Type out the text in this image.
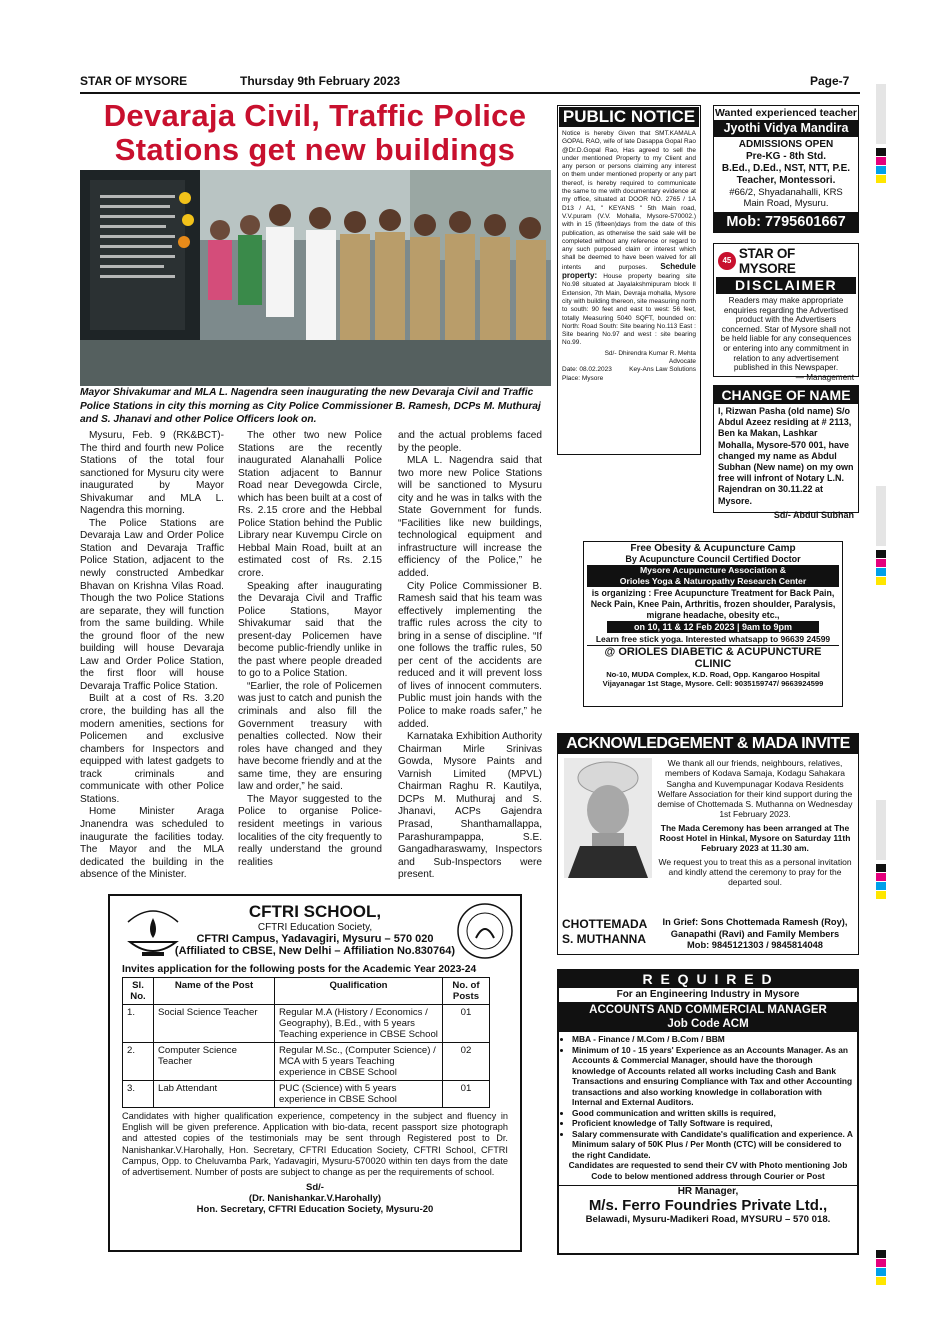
STAR OF MYSORE	Thursday 9th February 2023	Page-7
Devaraja Civil, Traffic Police
Stations get new buildings
Mayor Shivakumar and MLA L. Nagendra seen inaugurating the new Devaraja Civil and Traffic Police Stations in city this morning as City Police Commissioner B. Ramesh, DCPs M. Muthuraj and S. Jhanavi and other Police Officers look on.

Mysuru, Feb. 9 (RK&BCT)- The third and fourth new Police Stations of the total four sanctioned for Mysuru city were inaugurated by Mayor Shivakumar and MLA L. Nagendra this morning.

The Police Stations are Devaraja Law and Order Police Station and Devaraja Traffic Police Station, adjacent to the newly constructed Ambedkar Bhavan on Krishna Vilas Road. Though the two Police Stations are separate, they will function from the same building. While the ground floor of the new building will house Devaraja Law and Order Police Station, the first floor will house Devaraja Traffic Police Station.

Built at a cost of Rs. 3.20 crore, the building has all the modern amenities, sections for Policemen and exclusive chambers for Inspectors and equipped with latest gadgets to track criminals and communicate with other Police Stations.

Home Minister Araga Jnanendra was scheduled to inaugurate the facilities today. The Mayor and the MLA dedicated the building in the absence of the Minister.

The other two new Police Stations are the recently inaugurated Alanahalli Police Station adjacent to Bannur Road near Devegowda Circle, which has been built at a cost of Rs. 2.15 crore and the Hebbal Police Station behind the Public Library near Kuvempu Circle on Hebbal Main Road, built at an estimated cost of Rs. 2.15 crore.

Speaking after inaugurating the Devaraja Civil and Traffic Police Stations, Mayor Shivakumar said that the present-day Policemen have become public-friendly unlike in the past where people dreaded to go to a Police Station.

“Earlier, the role of Policemen was just to catch and punish the criminals and also fill the Government treasury with penalties collected. Now their roles have changed and they have become friendly and at the same time, they are ensuring law and order,” he said.

The Mayor suggested to the Police to organise Police-resident meetings in various localities of the city frequently to really understand the ground realities

and the actual problems faced by the people.

MLA L. Nagendra said that two more new Police Stations will be sanctioned to Mysuru city and he was in talks with the State Government for funds. “Facilities like new buildings, technological equipment and infrastructure will increase the efficiency of the Police,” he added.

City Police Commissioner B. Ramesh said that his team was effectively implementing the traffic rules across the city to bring in a sense of discipline. “If one follows the traffic rules, 50 per cent of the accidents are reduced and it will prevent loss of lives of innocent commuters. Public must join hands with the Police to make roads safer,” he added.

Karnataka Exhibition Authority Chairman Mirle Srinivas Gowda, Mysore Paints and Varnish Limited (MPVL) Chairman Raghu R. Kautilya, DCPs M. Muthuraj and S. Jhanavi, ACPs Gajendra Prasad, Shanthamallappa, Parashurampappa, S.E. Gangadharaswamy, Inspectors and Sub-Inspectors were present.

PUBLIC NOTICE
Notice is hereby Given that SMT.KAMALA GOPAL RAO, wife of late Dasappa Gopal Rao @Dr.D.Gopal Rao, Has agreed to sell the under mentioned Property to my Client and any person or persons claiming any interest on them under mentioned property or any part thereof, is hereby required to communicate the same to me with documentary evidence at my office, situated at DOOR NO. 2765 / 1A D13 / A1, " KEYANS " 5th Main road, V.V.puram (V.V. Mohalla, Mysore-570002.) with in 15 (fifteen)days from the date of this publication, as otherwise the said sale will be completed without any reference or regard to any such purposed claim or interest which shall be deemed to have been waived for all intents and purposes. Schedule property: House property bearing site No.98 situated at Jayalakshmipuram block II Extension, 7th Main, Devraja mohalla, Mysore city with building thereon, site measuring north to south: 90 feet and east to west: 56 feet, totally Measuring 5040 SQFT, bounded on: North: Road South: Site bearing No.113 East : Site bearing No.97 and west : site bearing No.99.
Sd/- Dhirendra Kumar R. Mehta
Advocate
Date: 08.02.2023	Key-Ans Law Solutions
Place: Mysore
Wanted experienced teacher
Jyothi Vidya Mandira
ADMISSIONS OPEN
Pre-KG - 8th Std.
B.Ed., D.Ed., NST, NTT, P.E. Teacher, Montessori.
#66/2, Shyadanahalli, KRS Main Road, Mysuru.
Mob: 7795601667
45 STAR OF MYSORE
DISCLAIMER
Readers may make appropriate enquiries regarding the Advertised product with the Advertisers concerned. Star of Mysore shall not be held liable for any consequences or entering into any commitment in relation to any advertisement published in this Newspaper.
— Management
CHANGE OF NAME
I, Rizwan Pasha (old name) S/o Abdul Azeez residing at # 2113, Ben ka Makan, Lashkar Mohalla, Mysore-570 001, have changed my name as Abdul Subhan (New name) on my own free will infront of Notary L.N. Rajendran on 30.11.22 at Mysore.
Sd/- Abdul Subhan
Free Obesity & Acupuncture Camp
By Acupuncture Council Certified Doctor
Mysore Acupuncture Association &
Orioles Yoga & Naturopathy Research Center
is organizing : Free Acupuncture Treatment for Back Pain, Neck Pain, Knee Pain, Arthritis, frozen shoulder, Paralysis, migrane headache, obesity etc.,
on 10, 11 & 12 Feb 2023 | 9am to 9pm
Learn free stick yoga. Interested whatsapp to 96639 24599
@ ORIOLES DIABETIC & ACUPUNCTURE CLINIC
No-10, MUDA Complex, K.D. Road, Opp. Kangaroo Hospital
Vijayanagar 1st Stage, Mysore. Cell: 9035159747/ 9663924599
ACKNOWLEDGEMENT & MADA INVITE
CHOTTEMADA
S. MUTHANNA
We thank all our friends, neighbours, relatives, members of Kodava Samaja, Kodagu Sahakara Sangha and Kuvempunagar Kodava Residents Welfare Association for their kind support during the demise of Chottemada S. Muthanna on Wednesday 1st February 2023.
The Mada Ceremony has been arranged at The Roost Hotel in Hinkal, Mysore on Saturday 11th February 2023 at 11.30 am.
We request you to treat this as a personal invitation and kindly attend the ceremony to pray for the departed soul.
In Grief: Sons Chottemada Ramesh (Roy), Ganapathi (Ravi) and Family Members
Mob: 9845121303 / 9845814048
CFTRI SCHOOL,
CFTRI Education Society,
CFTRI Campus, Yadavagiri, Mysuru – 570 020
(Affiliated to CBSE, New Delhi – Affiliation No.830764)
Invites application for the following posts for the Academic Year 2023-24
Sl. No.	Name of the Post	Qualification	No. of Posts
1.	Social Science Teacher	Regular M.A (History / Economics / Geography), B.Ed., with 5 years Teaching experience in CBSE School	01
2.	Computer Science Teacher	Regular M.Sc., (Computer Science) / MCA with 5 years Teaching experience in CBSE School	02
3.	Lab Attendant	PUC (Science) with 5 years experience in CBSE School	01
Candidates with higher qualification experience, competency in the subject and fluency in English will be given preference. Application with bio-data, recent passport size photograph and attested copies of the testimonials may be sent through Registered post to Dr. Nanishankar.V.Harohally, Hon. Secretary, CFTRI Education Society, CFTRI School, CFTRI Campus, Opp. to Cheluvamba Park, Yadavagiri, Mysuru-570020 within ten days from the date of advertisement. Number of posts are subject to change as per the requirements of school.
Sd/-
(Dr. Nanishankar.V.Harohally)
Hon. Secretary, CFTRI Education Society, Mysuru-20
R E Q U I R E D
For an Engineering Industry in Mysore
ACCOUNTS AND COMMERCIAL MANAGER
Job Code ACM
• MBA - Finance / M.Com / B.Com / BBM
• Minimum of 10 - 15 years' Experience as an Accounts Manager. As an Accounts & Commercial Manager, should have the thorough knowledge of Accounts related all works including Cash and Bank Transactions and ensuring Compliance with Tax and other Accounting transactions and also working knowledge in collaboration with Internal and External Auditors.
• Good communication and written skills is required,
• Proficient knowledge of Tally Software is required,
• Salary commensurate with Candidate's qualification and experience. A Minimum salary of 50K Plus / Per Month (CTC) will be considered to the right Candidate.
Candidates are requested to send their CV with Photo mentioning Job Code to below mentioned address through Courier or Post
HR Manager,
M/s. Ferro Foundries Private Ltd.,
Belawadi, Mysuru-Madikeri Road, MYSURU – 570 018.
